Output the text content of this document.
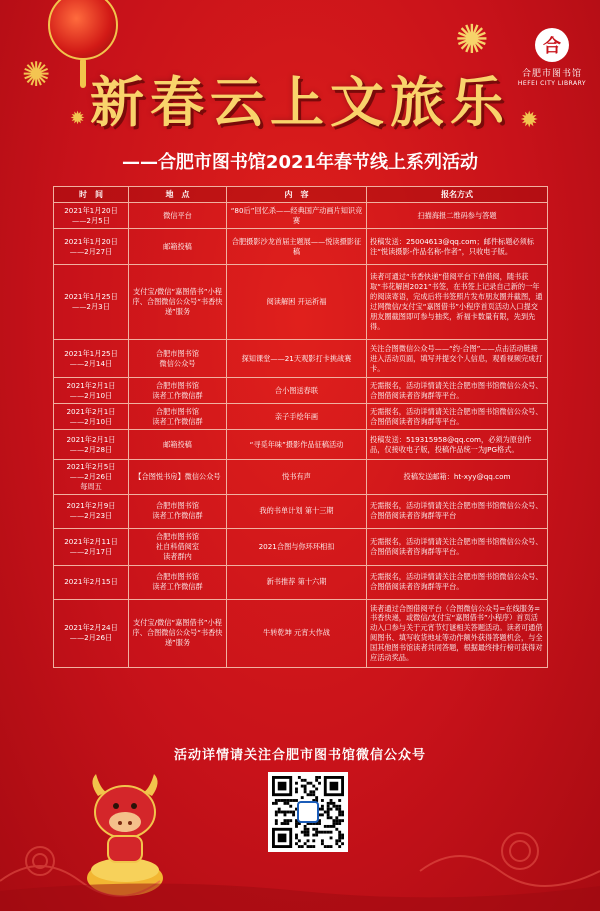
✺
✺
✹
✹
合
合肥市图书馆
HEFEI CITY LIBRARY
新春云上文旅乐
——合肥市图书馆2021年春节线上系列活动
时　间	地　点	内　容	报名方式
2021年1月20日
——2月5日	微信平台	“80后”回忆杀——经典国产动画片知识竞赛	扫描海报二维码参与答题
2021年1月20日
——2月27日	邮箱投稿	合肥摄影沙龙首届主题展——悦读摄影征稿	投稿发送：25004613@qq.com；邮件标题必须标注“悦读摄影-作品名称-作者”，只收电子版。
2021年1月25日
——2月3日	支付宝/微信“嘉图借书”小程序、合图微信公众号“书香快递”服务	阅读解困 开运祈福	读者可通过“书香快递”借阅平台下单借阅，随书获取“书花解困2021”书签，在书签上记录自己新的一年的阅读寄语，完成后将书签照片发布朋友圈并截图，通过网微信/支付宝“嘉图借书”小程序首页活动入口提交朋友圈截图即可参与抽奖，祈福卡数量有限，先到先得。
2021年1月25日
——2月14日	合肥市图书馆
微信公众号	探知课堂——21天观影打卡挑战赛	关注合图微信公众号——“约·合图”——点击活动链接进入活动页面，填写并提交个人信息，观看视频完成打卡。
2021年2月1日
——2月10日	合肥市图书馆
读者工作微信群	合小图送春联	无需报名，活动详情请关注合肥市图书馆微信公众号、合图借阅读者咨询群等平台。
2021年2月1日
——2月10日	合肥市图书馆
读者工作微信群	亲子手绘年画	无需报名，活动详情请关注合肥市图书馆微信公众号、合图借阅读者咨询群等平台。
2021年2月1日
——2月28日	邮箱投稿	“寻觅年味”摄影作品征稿活动	投稿发送：519315958@qq.com，必须为原创作品，仅接收电子版，投稿作品统一为JPG格式。
2021年2月5日
——2月26日
每周五	【合图悦书房】微信公众号	悦书有声	投稿发送邮箱：ht-xyy@qq.com
2021年2月9日
——2月23日	合肥市图书馆
读者工作微信群	我的书单计划 第十三期	无需报名，活动详情请关注合肥市图书馆微信公众号、合图借阅读者咨询群等平台
2021年2月11日
——2月17日	合肥市图书馆
社自科借阅室
读者群内	2021合图与你环环相扣	无需报名，活动详情请关注合肥市图书馆微信公众号、合图借阅读者咨询群等平台。
2021年2月15日	合肥市图书馆
读者工作微信群	新书推荐 第十六期	无需报名，活动详情请关注合肥市图书馆微信公众号、合图借阅读者咨询群等平台。
2021年2月24日
——2月26日	支付宝/微信“嘉图借书”小程序、合图微信公众号“书香快递”服务	牛转乾坤 元宵大作战	读者通过合图借阅平台（合图微信公众号=在线服务=书香快递，或微信/支付宝“嘉图借书”小程序）首页活动入口参与关于元宵节灯谜相关答题活动。读者可通借阅图书、填写收货地址等动作额外获得答题机会，与全国其他图书馆读者共同答题，根据最终排行榜可获得对应活动奖品。
活动详情请关注合肥市图书馆微信公众号
